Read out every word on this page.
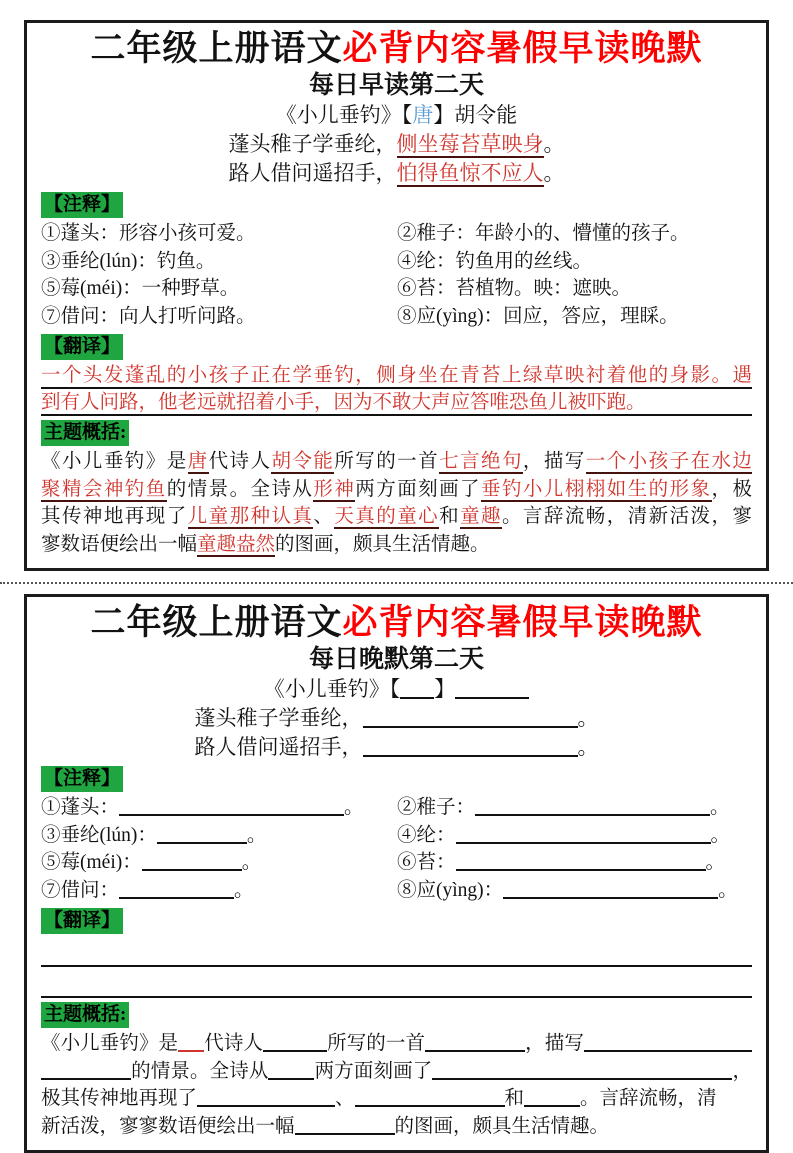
二年级上册语文必背内容暑假早读晚默
每日早读第二天
《小儿垂钓》【唐】胡令能
蓬头稚子学垂纶，侧坐莓苔草映身。
路人借问遥招手，怕得鱼惊不应人。
【注释】
①蓬头：形容小孩可爱。	②稚子：年龄小的、懵懂的孩子。
③垂纶(lún)：钓鱼。	④纶：钓鱼用的丝线。
⑤莓(méi)：一种野草。	⑥苔：苔植物。映：遮映。
⑦借问：向人打听问路。	⑧应(yìng)：回应，答应，理睬。
【翻译】
一个头发蓬乱的小孩子正在学垂钓，侧身坐在青苔上绿草映衬着他的身影。遇
到有人问路，他老远就招着小手，因为不敢大声应答唯恐鱼儿被吓跑。
主题概括:
《小儿垂钓》是唐代诗人胡令能所写的一首七言绝句，描写一个小孩子在水边
聚精会神钓鱼的情景。全诗从形神两方面刻画了垂钓小儿栩栩如生的形象，极
其传神地再现了儿童那种认真、天真的童心和童趣。言辞流畅，清新活泼，寥
寥数语便绘出一幅童趣盎然的图画，颇具生活情趣。
二年级上册语文必背内容暑假早读晚默
每日晚默第二天
《小儿垂钓》【 】
蓬头稚子学垂纶，	。
路人借问遥招手，	。
【注释】
①蓬头：	。	②稚子：	。
③垂纶(lún)：	。	④纶：	。
⑤莓(méi)：	。	⑥苔：	。
⑦借问：	。	⑧应(yìng)：	。
【翻译】
主题概括:
《小儿垂钓》是 代诗人	所写的一首	，描写
的情景。全诗从 两方面刻画了	，
极其传神地再现了	、	和	。言辞流畅，清
新活泼，寥寥数语便绘出一幅	的图画，颇具生活情趣。
